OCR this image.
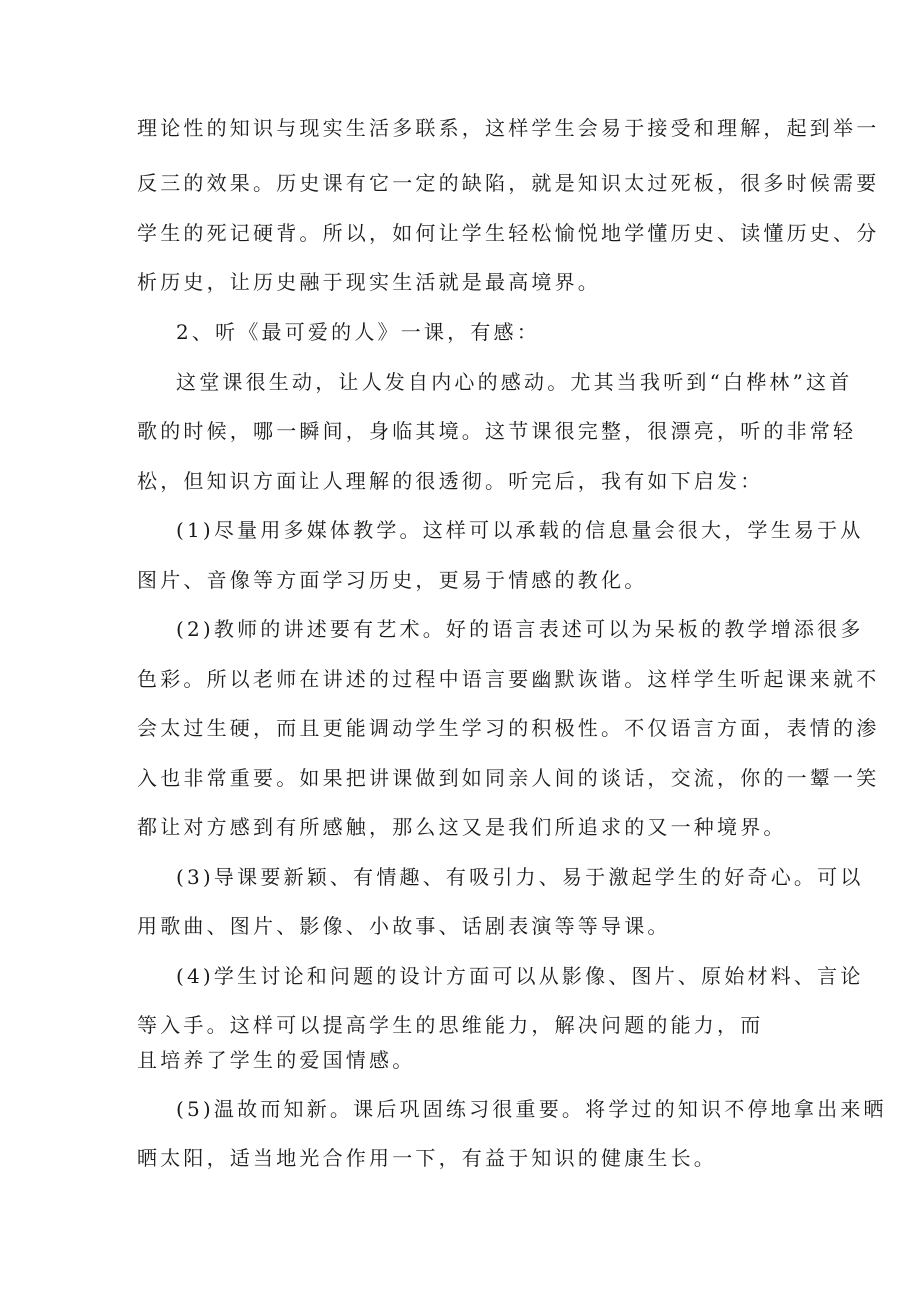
理论性的知识与现实生活多联系，这样学生会易于接受和理解，起到举一
反三的效果。历史课有它一定的缺陷，就是知识太过死板，很多时候需要
学生的死记硬背。所以，如何让学生轻松愉悦地学懂历史、读懂历史、分
析历史，让历史融于现实生活就是最高境界。
2、听《最可爱的人》一课，有感：
这堂课很生动，让人发自内心的感动。尤其当我听到“白桦林”这首
歌的时候，哪一瞬间，身临其境。这节课很完整，很漂亮，听的非常轻
松，但知识方面让人理解的很透彻。听完后，我有如下启发：
(1)尽量用多媒体教学。这样可以承载的信息量会很大，学生易于从
图片、音像等方面学习历史，更易于情感的教化。
(2)教师的讲述要有艺术。好的语言表述可以为呆板的教学增添很多
色彩。所以老师在讲述的过程中语言要幽默诙谐。这样学生听起课来就不
会太过生硬，而且更能调动学生学习的积极性。不仅语言方面，表情的渗
入也非常重要。如果把讲课做到如同亲人间的谈话，交流，你的一颦一笑
都让对方感到有所感触，那么这又是我们所追求的又一种境界。
(3)导课要新颖、有情趣、有吸引力、易于激起学生的好奇心。可以
用歌曲、图片、影像、小故事、话剧表演等等导课。
(4)学生讨论和问题的设计方面可以从影像、图片、原始材料、言论
等入手。这样可以提高学生的思维能力，解决问题的能力，而
且培养了学生的爱国情感。
(5)温故而知新。课后巩固练习很重要。将学过的知识不停地拿出来晒
晒太阳，适当地光合作用一下，有益于知识的健康生长。
